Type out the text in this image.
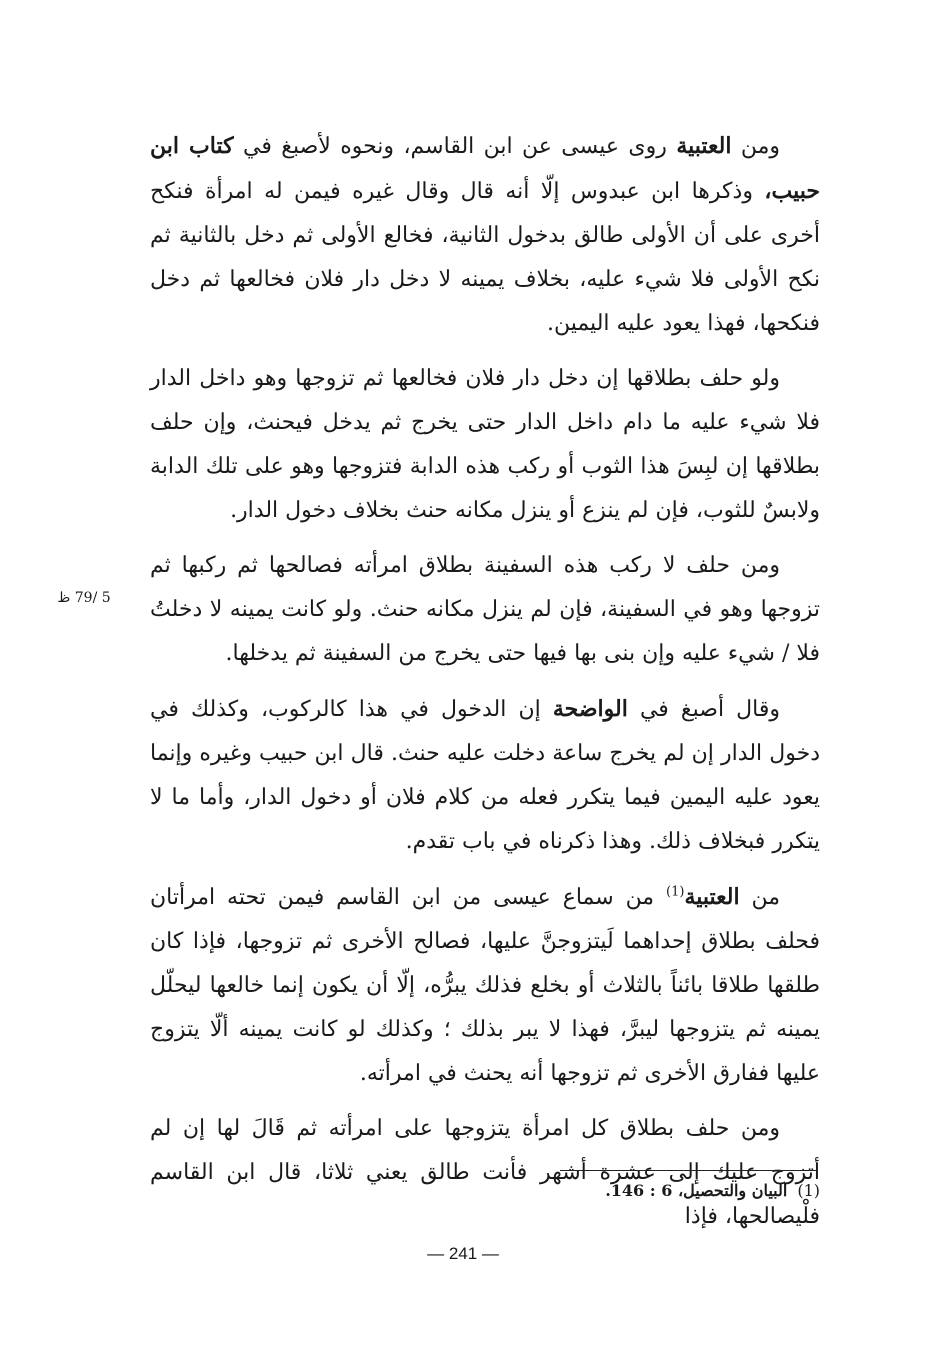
ومن العتبية روى عيسى عن ابن القاسم، ونحوه لأصبغ في كتاب ابن حبيب، وذكرها ابن عبدوس إلّا أنه قال وقال غيره فيمن له امرأة فنكح أخرى على أن الأولى طالق بدخول الثانية، فخالع الأولى ثم دخل بالثانية ثم نكح الأولى فلا شيء عليه، بخلاف يمينه لا دخل دار فلان فخالعها ثم دخل فنكحها، فهذا يعود عليه اليمين.

ولو حلف بطلاقها إن دخل دار فلان فخالعها ثم تزوجها وهو داخل الدار فلا شيء عليه ما دام داخل الدار حتى يخرج ثم يدخل فيحنث، وإن حلف بطلاقها إن لبِسَ هذا الثوب أو ركب هذه الدابة فتزوجها وهو على تلك الدابة ولابسٌ للثوب، فإن لم ينزع أو ينزل مكانه حنث بخلاف دخول الدار.

ومن حلف لا ركب هذه السفينة بطلاق امرأته فصالحها ثم ركبها ثم تزوجها وهو في السفينة، فإن لم ينزل مكانه حنث. ولو كانت يمينه لا دخلتُ فلا / شيء عليه وإن بنى بها فيها حتى يخرج من السفينة ثم يدخلها.

وقال أصبغ في الواضحة إن الدخول في هذا كالركوب، وكذلك في دخول الدار إن لم يخرج ساعة دخلت عليه حنث. قال ابن حبيب وغيره وإنما يعود عليه اليمين فيما يتكرر فعله من كلام فلان أو دخول الدار، وأما ما لا يتكرر فبخلاف ذلك. وهذا ذكرناه في باب تقدم.

من العتبية$^{(1)}$ من سماع عيسى من ابن القاسم فيمن تحته امرأتان فحلف بطلاق إحداهما لَيتزوجنَّ عليها، فصالح الأخرى ثم تزوجها، فإذا كان طلقها طلاقا بائناً بالثلاث أو بخلع فذلك يبرُّه، إلّا أن يكون إنما خالعها ليحلّل يمينه ثم يتزوجها ليبرَّ، فهذا لا يبر بذلك ؛ وكذلك لو كانت يمينه ألّا يتزوج عليها ففارق الأخرى ثم تزوجها أنه يحنث في امرأته.

ومن حلف بطلاق كل امرأة يتزوجها على امرأته ثم قَالَ لها إن لم أتزوج عليك إلى عشرة أشهر فأنت طالق يعني ثلاثا، قال ابن القاسم فلْيصالحها، فإذا

5 /79 ظ
(1)البيان والتحصيل، 6 : 146.
— 241 —
